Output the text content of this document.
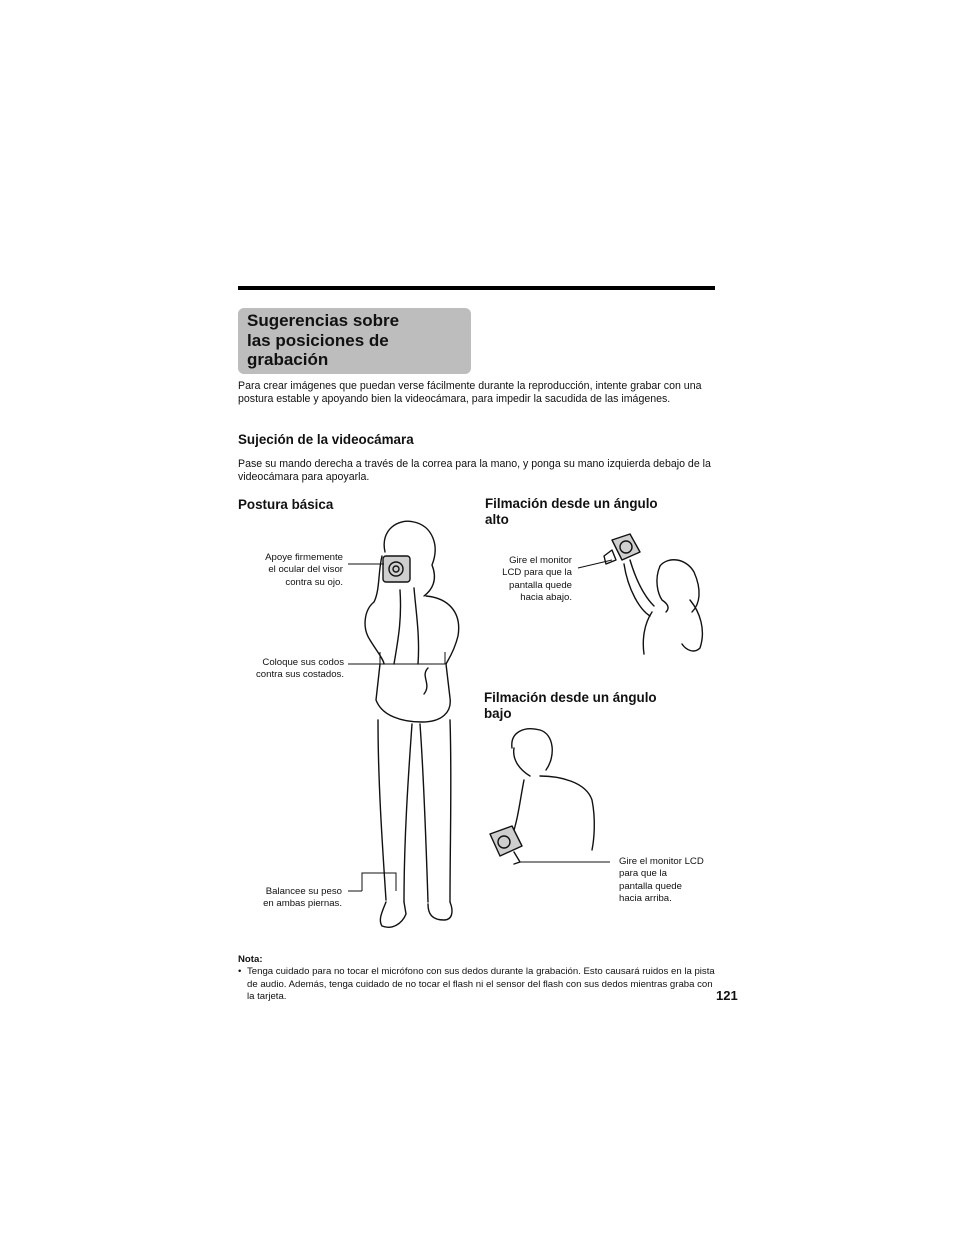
Sugerencias sobre
las posiciones de
grabación

Para crear imágenes que puedan verse fácilmente durante la reproducción, intente grabar con una postura estable y apoyando bien la videocámara, para impedir la sacudida de las imágenes.

Sujeción de la videocámara

Pase su mando derecha a través de la correa para la mano, y ponga su mano izquierda debajo de la videocámara para apoyarla.

Postura básica	Filmación desde un ángulo
alto
Filmación desde un ángulo
bajo

Apoye firmemente
el ocular del visor
contra su ojo.

Coloque sus codos
contra sus costados.

Balancee su peso
en ambas piernas.

Gire el monitor
LCD para que la
pantalla quede
hacia abajo.

Gire el monitor LCD
para que la
pantalla quede
hacia arriba.

Nota:

• Tenga cuidado para no tocar el micrófono con sus dedos durante la grabación. Esto causará ruidos en la pista de audio. Además, tenga cuidado de no tocar el flash ni el sensor del flash con sus dedos mientras graba con la tarjeta.	121
